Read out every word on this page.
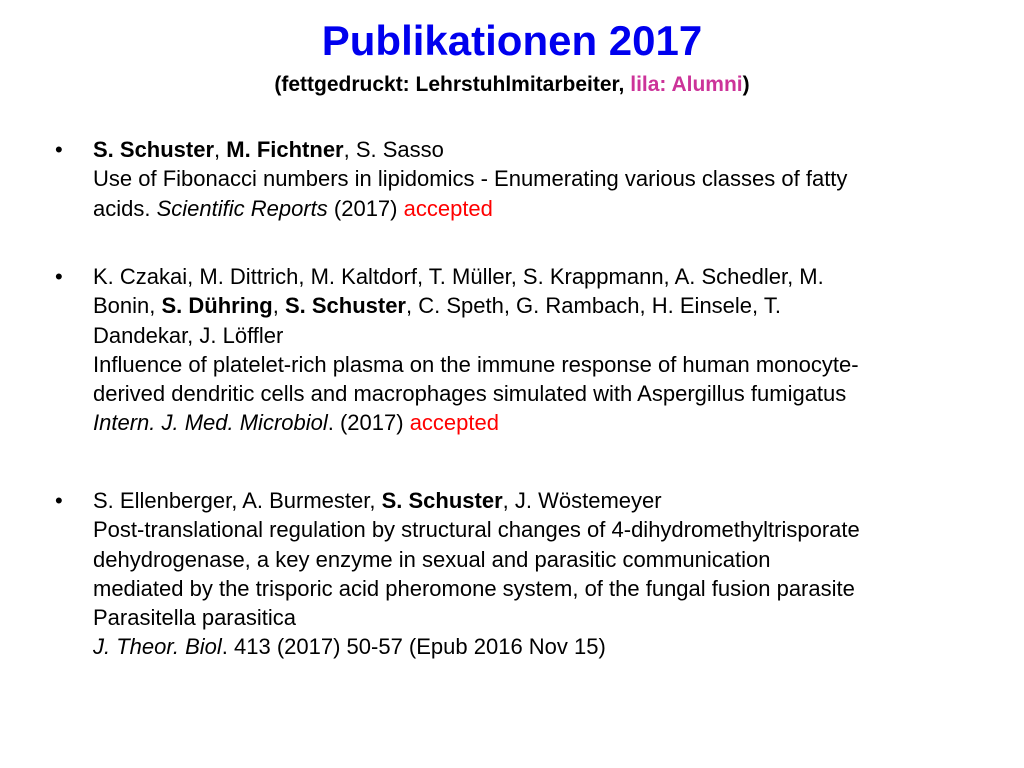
Publikationen 2017
(fettgedruckt: Lehrstuhlmitarbeiter, lila: Alumni)
• S. Schuster, M. Fichtner, S. Sasso
Use of Fibonacci numbers in lipidomics - Enumerating various classes of fatty
acids. Scientific Reports (2017) accepted
• K. Czakai, M. Dittrich, M. Kaltdorf, T. Müller, S. Krappmann, A. Schedler, M.
Bonin, S. Dühring, S. Schuster, C. Speth, G. Rambach, H. Einsele, T.
Dandekar, J. Löffler
Influence of platelet-rich plasma on the immune response of human monocyte-
derived dendritic cells and macrophages simulated with Aspergillus fumigatus
Intern. J. Med. Microbiol. (2017) accepted
• S. Ellenberger, A. Burmester, S. Schuster, J. Wöstemeyer
Post-translational regulation by structural changes of 4-dihydromethyltrisporate
dehydrogenase, a key enzyme in sexual and parasitic communication
mediated by the trisporic acid pheromone system, of the fungal fusion parasite
Parasitella parasitica
J. Theor. Biol. 413 (2017) 50-57 (Epub 2016 Nov 15)
